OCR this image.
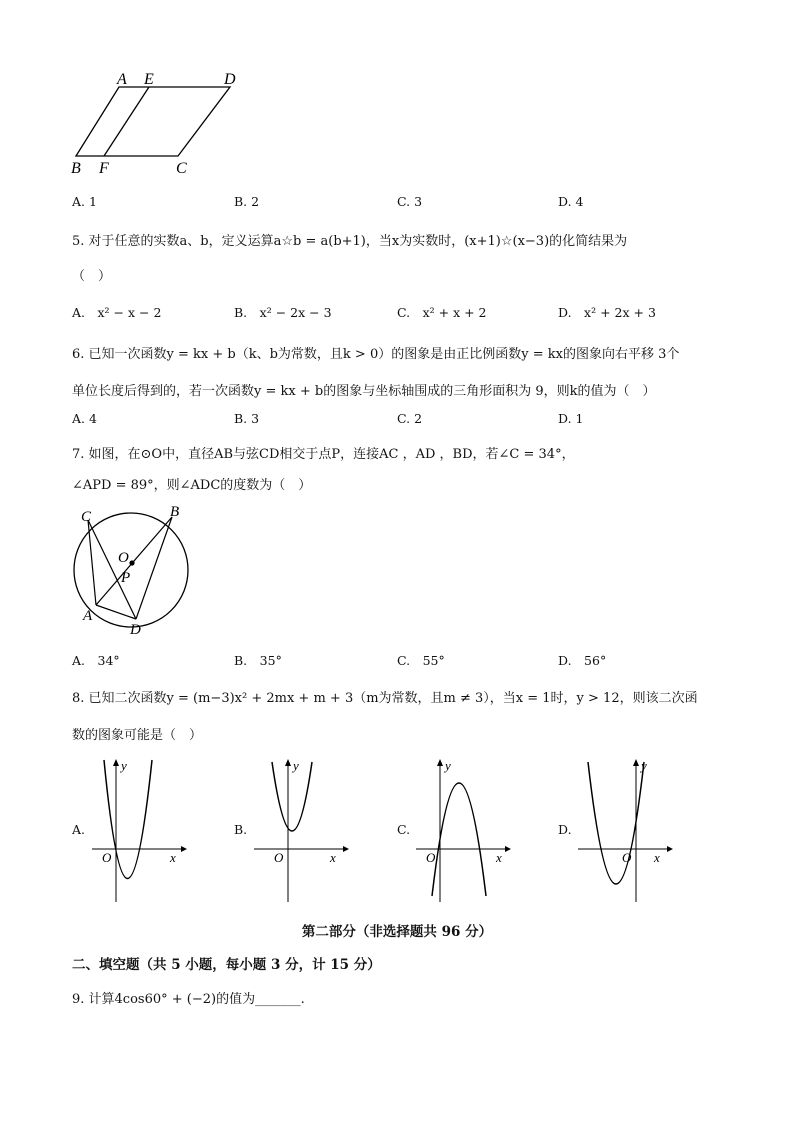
A E	D
B F	C
A. 1	B. 2	C. 3	D. 4
5. 对于任意的实数a、b，定义运算a☆b = a(b+1)，当x为实数时，(x+1)☆(x−3)的化简结果为
（　）
A.　x² − x − 2	B.　x² − 2x − 3	C.　x² + x + 2	D.　x² + 2x + 3
6. 已知一次函数y = kx + b（k、b为常数，且k > 0）的图象是由正比例函数y = kx的图象向右平移 3个
单位长度后得到的，若一次函数y = kx + b的图象与坐标轴围成的三角形面积为 9，则k的值为（　）
A. 4	B. 3	C. 2	D. 1
7. 如图，在⊙O中，直径AB与弦CD相交于点P，连接AC ，AD ，BD，若∠C = 34°，
∠APD = 89°，则∠ADC的度数为（　）
C	B
O
P
A
D
A.　34°	B.　35°	C.　55°	D.　56°
8. 已知二次函数y = (m−3)x² + 2mx + m + 3（m为常数，且m ≠ 3），当x = 1时，y > 12，则该二次函
数的图象可能是（　）
A.	B.	C.	D.
y
x
O
y
x
O
y
x
O
y
x
O
第二部分（非选择题共 96 分）
二、填空题（共 5 小题，每小题 3 分，计 15 分）
9. 计算4cos60° + (−2)的值为_______.
